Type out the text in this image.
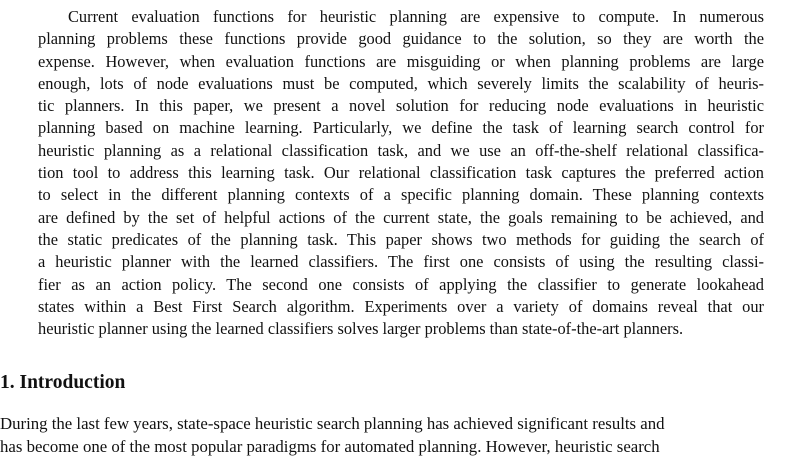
Current evaluation functions for heuristic planning are expensive to compute. In numerous
planning problems these functions provide good guidance to the solution, so they are worth the
expense. However, when evaluation functions are misguiding or when planning problems are large
enough, lots of node evaluations must be computed, which severely limits the scalability of heuris-
tic planners. In this paper, we present a novel solution for reducing node evaluations in heuristic
planning based on machine learning. Particularly, we define the task of learning search control for
heuristic planning as a relational classification task, and we use an off-the-shelf relational classifica-
tion tool to address this learning task. Our relational classification task captures the preferred action
to select in the different planning contexts of a specific planning domain. These planning contexts
are defined by the set of helpful actions of the current state, the goals remaining to be achieved, and
the static predicates of the planning task. This paper shows two methods for guiding the search of
a heuristic planner with the learned classifiers. The first one consists of using the resulting classi-
fier as an action policy. The second one consists of applying the classifier to generate lookahead
states within a Best First Search algorithm. Experiments over a variety of domains reveal that our
heuristic planner using the learned classifiers solves larger problems than state-of-the-art planners.
1. Introduction
During the last few years, state-space heuristic search planning has achieved significant results and
has become one of the most popular paradigms for automated planning. However, heuristic search
